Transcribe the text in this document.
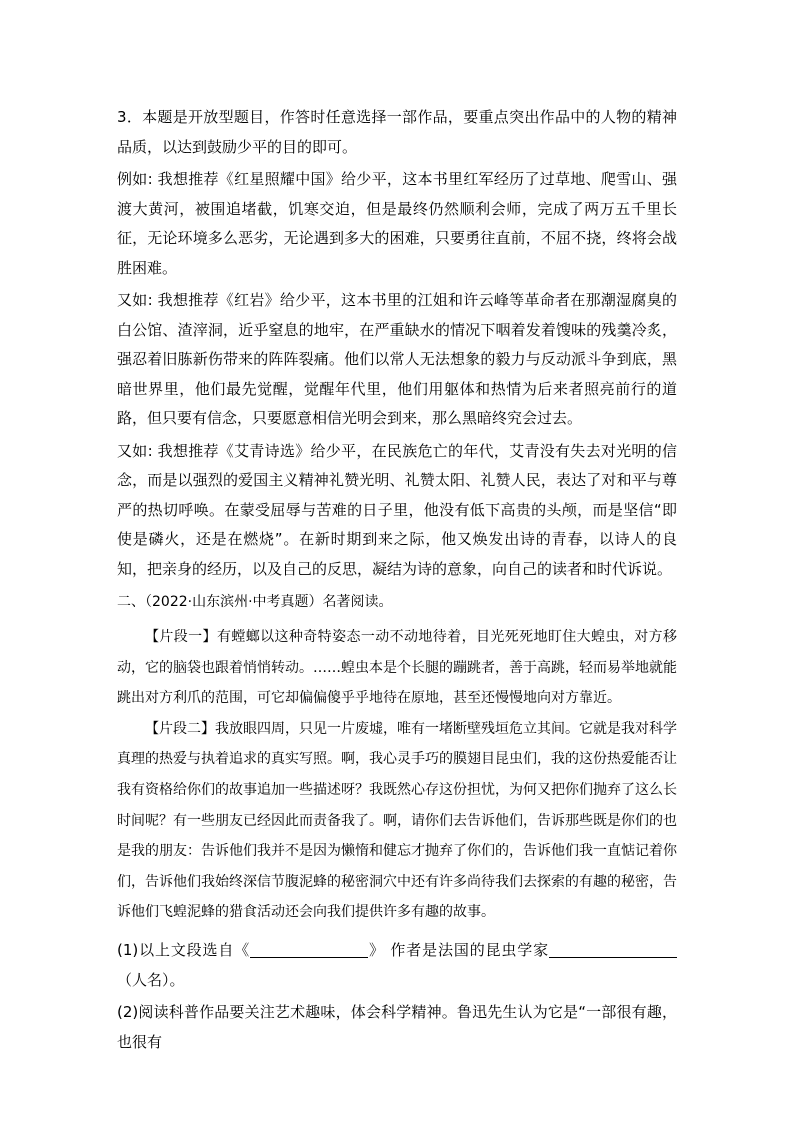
3．本题是开放型题目，作答时任意选择一部作品，要重点突出作品中的人物的精神品质，以达到鼓励少平的目的即可。

例如: 我想推荐《红星照耀中国》给少平，这本书里红军经历了过草地、爬雪山、强渡大黄河，被围追堵截，饥寒交迫，但是最终仍然顺利会师，完成了两万五千里长征，无论环境多么恶劣，无论遇到多大的困难，只要勇往直前，不屈不挠，终将会战胜困难。

又如: 我想推荐《红岩》给少平，这本书里的江姐和许云峰等革命者在那潮湿腐臭的白公馆、渣滓洞，近乎窒息的地牢，在严重缺水的情况下咽着发着馊味的残羹冷炙，强忍着旧胨新伤带来的阵阵裂痛。他们以常人无法想象的毅力与反动派斗争到底，黑暗世界里，他们最先觉醒，觉醒年代里，他们用躯体和热情为后来者照亮前行的道路，但只要有信念，只要愿意相信光明会到来，那么黑暗终究会过去。

又如: 我想推荐《艾青诗选》给少平，在民族危亡的年代，艾青没有失去对光明的信念，而是以强烈的爱国主义精神礼赞光明、礼赞太阳、礼赞人民，表达了对和平与尊严的热切呼唤。在蒙受屈辱与苦难的日子里，他没有低下高贵的头颅，而是坚信“即使是磷火，还是在燃烧”。在新时期到来之际，他又焕发出诗的青春，以诗人的良知，把亲身的经历，以及自己的反思，凝结为诗的意象，向自己的读者和时代诉说。

二、（2022·山东滨州·中考真题）名著阅读。

【片段一】有螳螂以这种奇特姿态一动不动地待着，目光死死地盯住大蝗虫，对方移动，它的脑袋也跟着悄悄转动。……蝗虫本是个长腿的蹦跳者，善于高跳，轻而易举地就能跳出对方利爪的范围，可它却偏偏傻乎乎地待在原地，甚至还慢慢地向对方靠近。

【片段二】我放眼四周，只见一片废墟，唯有一堵断壁残垣危立其间。它就是我对科学真理的热爱与执着追求的真实写照。啊，我心灵手巧的膜翅目昆虫们，我的这份热爱能否让我有资格给你们的故事追加一些描述呀？我既然心存这份担忧，为何又把你们抛弃了这么长时间呢？有一些朋友已经因此而责备我了。啊，请你们去告诉他们，告诉那些既是你们的也是我的朋友：告诉他们我并不是因为懒惰和健忘才抛弃了你们的，告诉他们我一直惦记着你们，告诉他们我始终深信节腹泥蜂的秘密洞穴中还有许多尚待我们去探索的有趣的秘密，告诉他们飞蝗泥蜂的猎食活动还会向我们提供许多有趣的故事。

(1)以上文段选自《	》 作者是法国的昆虫学家（人名）。

(2)阅读科普作品要关注艺术趣味，体会科学精神。鲁迅先生认为它是“一部很有趣，也很有
